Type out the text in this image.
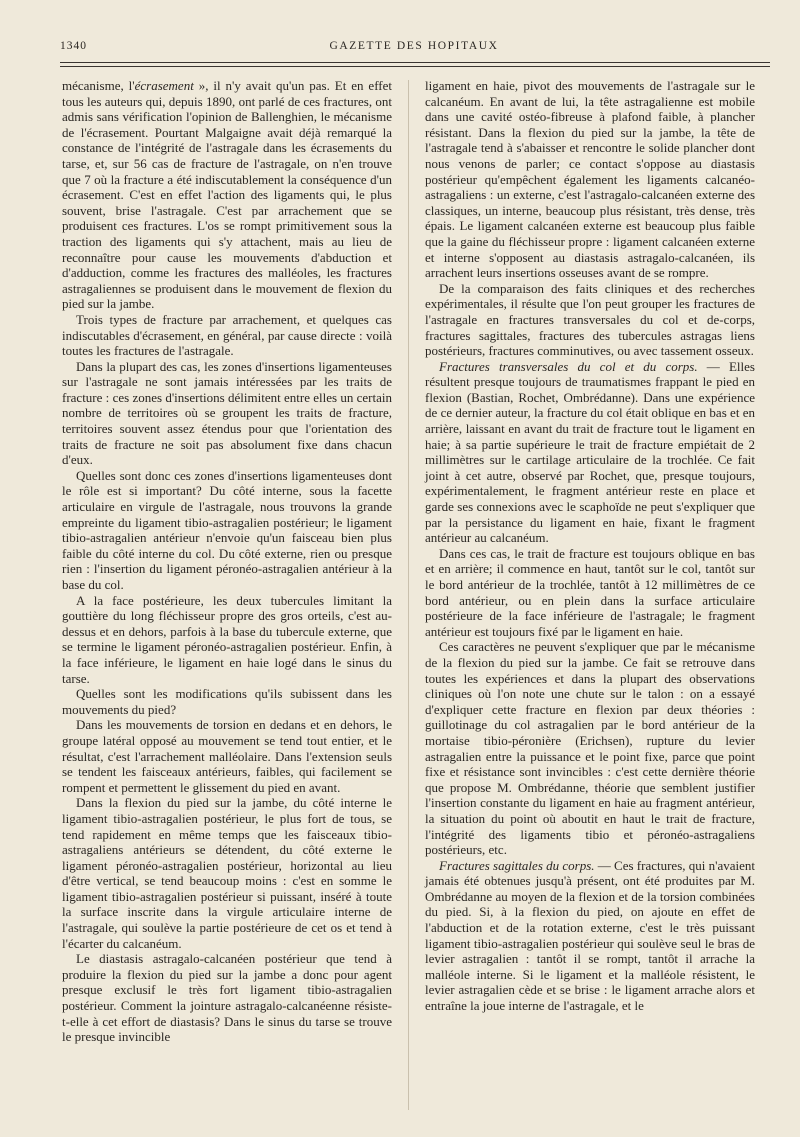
1340	GAZETTE DES HOPITAUX

mécanisme, l'écrasement », il n'y avait qu'un pas. Et en effet tous les auteurs qui, depuis 1890, ont parlé de ces fractures, ont admis sans vérification l'opinion de Ballenghien, le mécanisme de l'écrasement. Pourtant Malgaigne avait déjà remarqué la constance de l'intégrité de l'astragale dans les écrasements du tarse, et, sur 56 cas de fracture de l'astragale, on n'en trouve que 7 où la fracture a été indiscutablement la conséquence d'un écrasement. C'est en effet l'action des ligaments qui, le plus souvent, brise l'astragale. C'est par arrachement que se produisent ces fractures. L'os se rompt primitivement sous la traction des ligaments qui s'y attachent, mais au lieu de reconnaître pour cause les mouvements d'abduction et d'adduction, comme les fractures des malléoles, les fractures astragaliennes se produisent dans le mouvement de flexion du pied sur la jambe.

Trois types de fracture par arrachement, et quelques cas indiscutables d'écrasement, en général, par cause directe : voilà toutes les fractures de l'astragale.

Dans la plupart des cas, les zones d'insertions ligamenteuses sur l'astragale ne sont jamais intéressées par les traits de fracture : ces zones d'insertions délimitent entre elles un certain nombre de territoires où se groupent les traits de fracture, territoires souvent assez étendus pour que l'orientation des traits de fracture ne soit pas absolument fixe dans chacun d'eux.

Quelles sont donc ces zones d'insertions ligamenteuses dont le rôle est si important? Du côté interne, sous la facette articulaire en virgule de l'astragale, nous trouvons la grande empreinte du ligament tibio-astragalien postérieur; le ligament tibio-astragalien antérieur n'envoie qu'un faisceau bien plus faible du côté interne du col. Du côté externe, rien ou presque rien : l'insertion du ligament péronéo-astragalien antérieur à la base du col.

A la face postérieure, les deux tubercules limitant la gouttière du long fléchisseur propre des gros orteils, c'est au-dessus et en dehors, parfois à la base du tubercule externe, que se termine le ligament péronéo-astragalien postérieur. Enfin, à la face inférieure, le ligament en haie logé dans le sinus du tarse.

Quelles sont les modifications qu'ils subissent dans les mouvements du pied?

Dans les mouvements de torsion en dedans et en dehors, le groupe latéral opposé au mouvement se tend tout entier, et le résultat, c'est l'arrachement malléolaire. Dans l'extension seuls se tendent les faisceaux antérieurs, faibles, qui facilement se rompent et permettent le glissement du pied en avant.

Dans la flexion du pied sur la jambe, du côté interne le ligament tibio-astragalien postérieur, le plus fort de tous, se tend rapidement en même temps que les faisceaux tibio-astragaliens antérieurs se détendent, du côté externe le ligament péronéo-astragalien postérieur, horizontal au lieu d'être vertical, se tend beaucoup moins : c'est en somme le ligament tibio-astragalien postérieur si puissant, inséré à toute la surface inscrite dans la virgule articulaire interne de l'astragale, qui soulève la partie postérieure de cet os et tend à l'écarter du calcanéum.

Le diastasis astragalo-calcanéen postérieur que tend à produire la flexion du pied sur la jambe a donc pour agent presque exclusif le très fort ligament tibio-astragalien postérieur. Comment la jointure astragalo-calcanéenne résiste-t-elle à cet effort de diastasis? Dans le sinus du tarse se trouve le presque invincible

ligament en haie, pivot des mouvements de l'astragale sur le calcanéum. En avant de lui, la tête astragalienne est mobile dans une cavité ostéo-fibreuse à plafond faible, à plancher résistant. Dans la flexion du pied sur la jambe, la tête de l'astragale tend à s'abaisser et rencontre le solide plancher dont nous venons de parler; ce contact s'oppose au diastasis postérieur qu'empêchent également les ligaments calcanéo-astragaliens : un externe, c'est l'astragalo-calcanéen externe des classiques, un interne, beaucoup plus résistant, très dense, très épais. Le ligament calcanéen externe est beaucoup plus faible que la gaine du fléchisseur propre : ligament calcanéen externe et interne s'opposent au diastasis astragalo-calcanéen, ils arrachent leurs insertions osseuses avant de se rompre.

De la comparaison des faits cliniques et des recherches expérimentales, il résulte que l'on peut grouper les fractures de l'astragale en fractures transversales du col et de-corps, fractures sagittales, fractures des tubercules astragas liens postérieurs, fractures comminutives, ou avec tassement osseux.

Fractures transversales du col et du corps. — Elles résultent presque toujours de traumatismes frappant le pied en flexion (Bastian, Rochet, Ombrédanne). Dans une expérience de ce dernier auteur, la fracture du col était oblique en bas et en arrière, laissant en avant du trait de fracture tout le ligament en haie; à sa partie supérieure le trait de fracture empiétait de 2 millimètres sur le cartilage articulaire de la trochlée. Ce fait joint à cet autre, observé par Rochet, que, presque toujours, expérimentalement, le fragment antérieur reste en place et garde ses connexions avec le scaphoïde ne peut s'expliquer que par la persistance du ligament en haie, fixant le fragment antérieur au calcanéum.

Dans ces cas, le trait de fracture est toujours oblique en bas et en arrière; il commence en haut, tantôt sur le col, tantôt sur le bord antérieur de la trochlée, tantôt à 12 millimètres de ce bord antérieur, ou en plein dans la surface articulaire postérieure de la face inférieure de l'astragale; le fragment antérieur est toujours fixé par le ligament en haie.

Ces caractères ne peuvent s'expliquer que par le mécanisme de la flexion du pied sur la jambe. Ce fait se retrouve dans toutes les expériences et dans la plupart des observations cliniques où l'on note une chute sur le talon : on a essayé d'expliquer cette fracture en flexion par deux théories : guillotinage du col astragalien par le bord antérieur de la mortaise tibio-péronière (Erichsen), rupture du levier astragalien entre la puissance et le point fixe, parce que point fixe et résistance sont invincibles : c'est cette dernière théorie que propose M. Ombrédanne, théorie que semblent justifier l'insertion constante du ligament en haie au fragment antérieur, la situation du point où aboutit en haut le trait de fracture, l'intégrité des ligaments tibio et péronéo-astragaliens postérieurs, etc.

Fractures sagittales du corps. — Ces fractures, qui n'avaient jamais été obtenues jusqu'à présent, ont été produites par M. Ombrédanne au moyen de la flexion et de la torsion combinées du pied. Si, à la flexion du pied, on ajoute en effet de l'abduction et de la rotation externe, c'est le très puissant ligament tibio-astragalien postérieur qui soulève seul le bras de levier astragalien : tantôt il se rompt, tantôt il arrache la malléole interne. Si le ligament et la malléole résistent, le levier astragalien cède et se brise : le ligament arrache alors et entraîne la joue interne de l'astragale, et le
